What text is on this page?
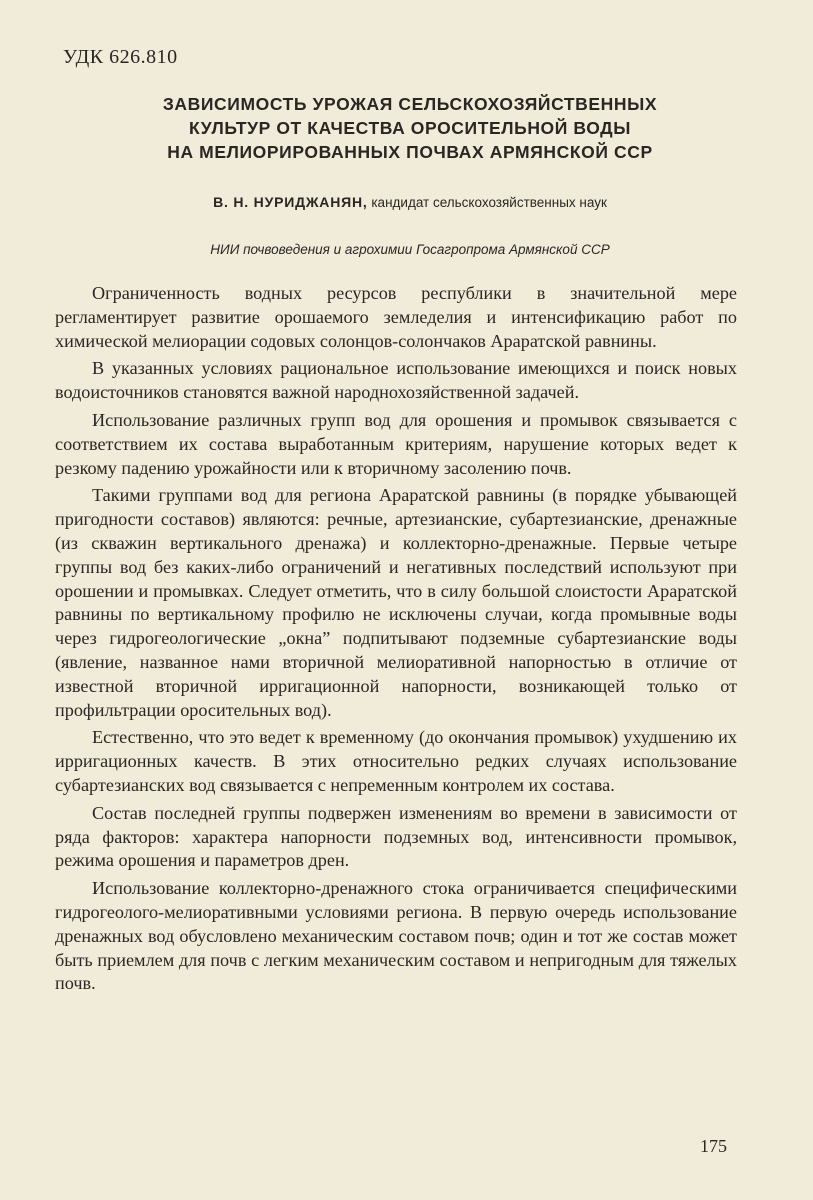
УДК 626.810
ЗАВИСИМОСТЬ УРОЖАЯ СЕЛЬСКОХОЗЯЙСТВЕННЫХ
КУЛЬТУР ОТ КАЧЕСТВА ОРОСИТЕЛЬНОЙ ВОДЫ
НА МЕЛИОРИРОВАННЫХ ПОЧВАХ АРМЯНСКОЙ ССР
В. Н. НУРИДЖАНЯН, кандидат сельскохозяйственных наук
НИИ почвоведения и агрохимии Госагропрома Армянской ССР

Ограниченность водных ресурсов республики в значительной мере регламентирует развитие орошаемого земледелия и интенсификацию работ по химической мелиорации содовых солонцов-солончаков Араратской равнины.

В указанных условиях рациональное использование имеющихся и поиск новых водоисточников становятся важной народнохозяйственной задачей.

Использование различных групп вод для орошения и промывок связывается с соответствием их состава выработанным критериям, нарушение которых ведет к резкому падению урожайности или к вторичному засолению почв.

Такими группами вод для региона Араратской равнины (в порядке убывающей пригодности составов) являются: речные, артезианские, субартезианские, дренажные (из скважин вертикального дренажа) и коллекторно-дренажные. Первые четыре группы вод без каких-либо ограничений и негативных последствий используют при орошении и промывках. Следует отметить, что в силу большой слоистости Араратской равнины по вертикальному профилю не исключены случаи, когда промывные воды через гидрогеологические „окна” подпитывают подземные субартезианские воды (явление, названное нами вторичной мелиоративной напорностью в отличие от известной вторичной ирригационной напорности, возникающей только от профильтрации оросительных вод).

Естественно, что это ведет к временному (до окончания промывок) ухудшению их ирригационных качеств. В этих относительно редких случаях использование субартезианских вод связывается с непременным контролем их состава.

Состав последней группы подвержен изменениям во времени в зависимости от ряда факторов: характера напорности подземных вод, интенсивности промывок, режима орошения и параметров дрен.

Использование коллекторно-дренажного стока ограничивается специфическими гидрогеолого-мелиоративными условиями региона. В первую очередь использование дренажных вод обусловлено механическим составом почв; один и тот же состав может быть приемлем для почв с легким механическим составом и непригодным для тяжелых почв.

175
